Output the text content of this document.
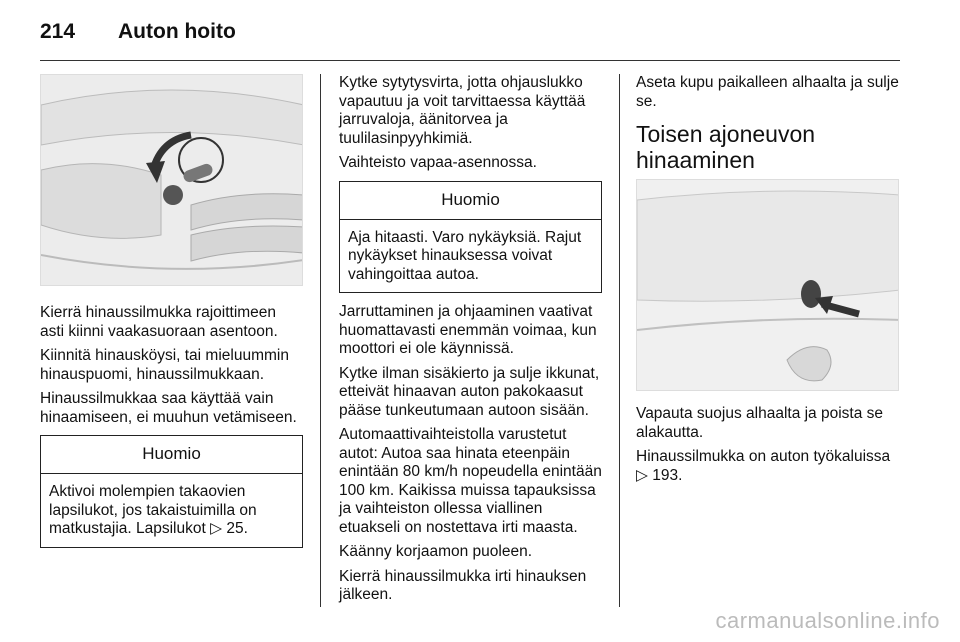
214 Auton hoito

Kierrä hinaussilmukka rajoittimeen asti kiinni vaakasuoraan asentoon.

Kiinnitä hinausköysi, tai mieluummin hinauspuomi, hinaussilmukkaan.

Hinaussilmukkaa saa käyttää vain hinaamiseen, ei muuhun vetämiseen.

Huomio

Aktivoi molempien takaovien lapsilukot, jos takaistuimilla on matkustajia. Lapsilukot ▷ 25.

Kytke sytytysvirta, jotta ohjauslukko vapautuu ja voit tarvittaessa käyttää jarruvaloja, äänitorvea ja tuulilasinpyyhkimiä.

Vaihteisto vapaa-asennossa.

Huomio

Aja hitaasti. Varo nykäyksiä. Rajut nykäykset hinauksessa voivat vahingoittaa autoa.

Jarruttaminen ja ohjaaminen vaativat huomattavasti enemmän voimaa, kun moottori ei ole käynnissä.

Kytke ilman sisäkierto ja sulje ikkunat, etteivät hinaavan auton pakokaasut pääse tunkeutumaan autoon sisään.

Automaattivaihteistolla varustetut autot: Autoa saa hinata eteenpäin enintään 80 km/h nopeudella enintään 100 km. Kaikissa muissa tapauksissa ja vaihteiston ollessa viallinen etuakseli on nostettava irti maasta.

Käänny korjaamon puoleen.

Kierrä hinaussilmukka irti hinauksen jälkeen.

Aseta kupu paikalleen alhaalta ja sulje se.

Toisen ajoneuvon hinaaminen

Vapauta suojus alhaalta ja poista se alakautta.

Hinaussilmukka on auton työkaluissa ▷ 193.

carmanualsonline.info
